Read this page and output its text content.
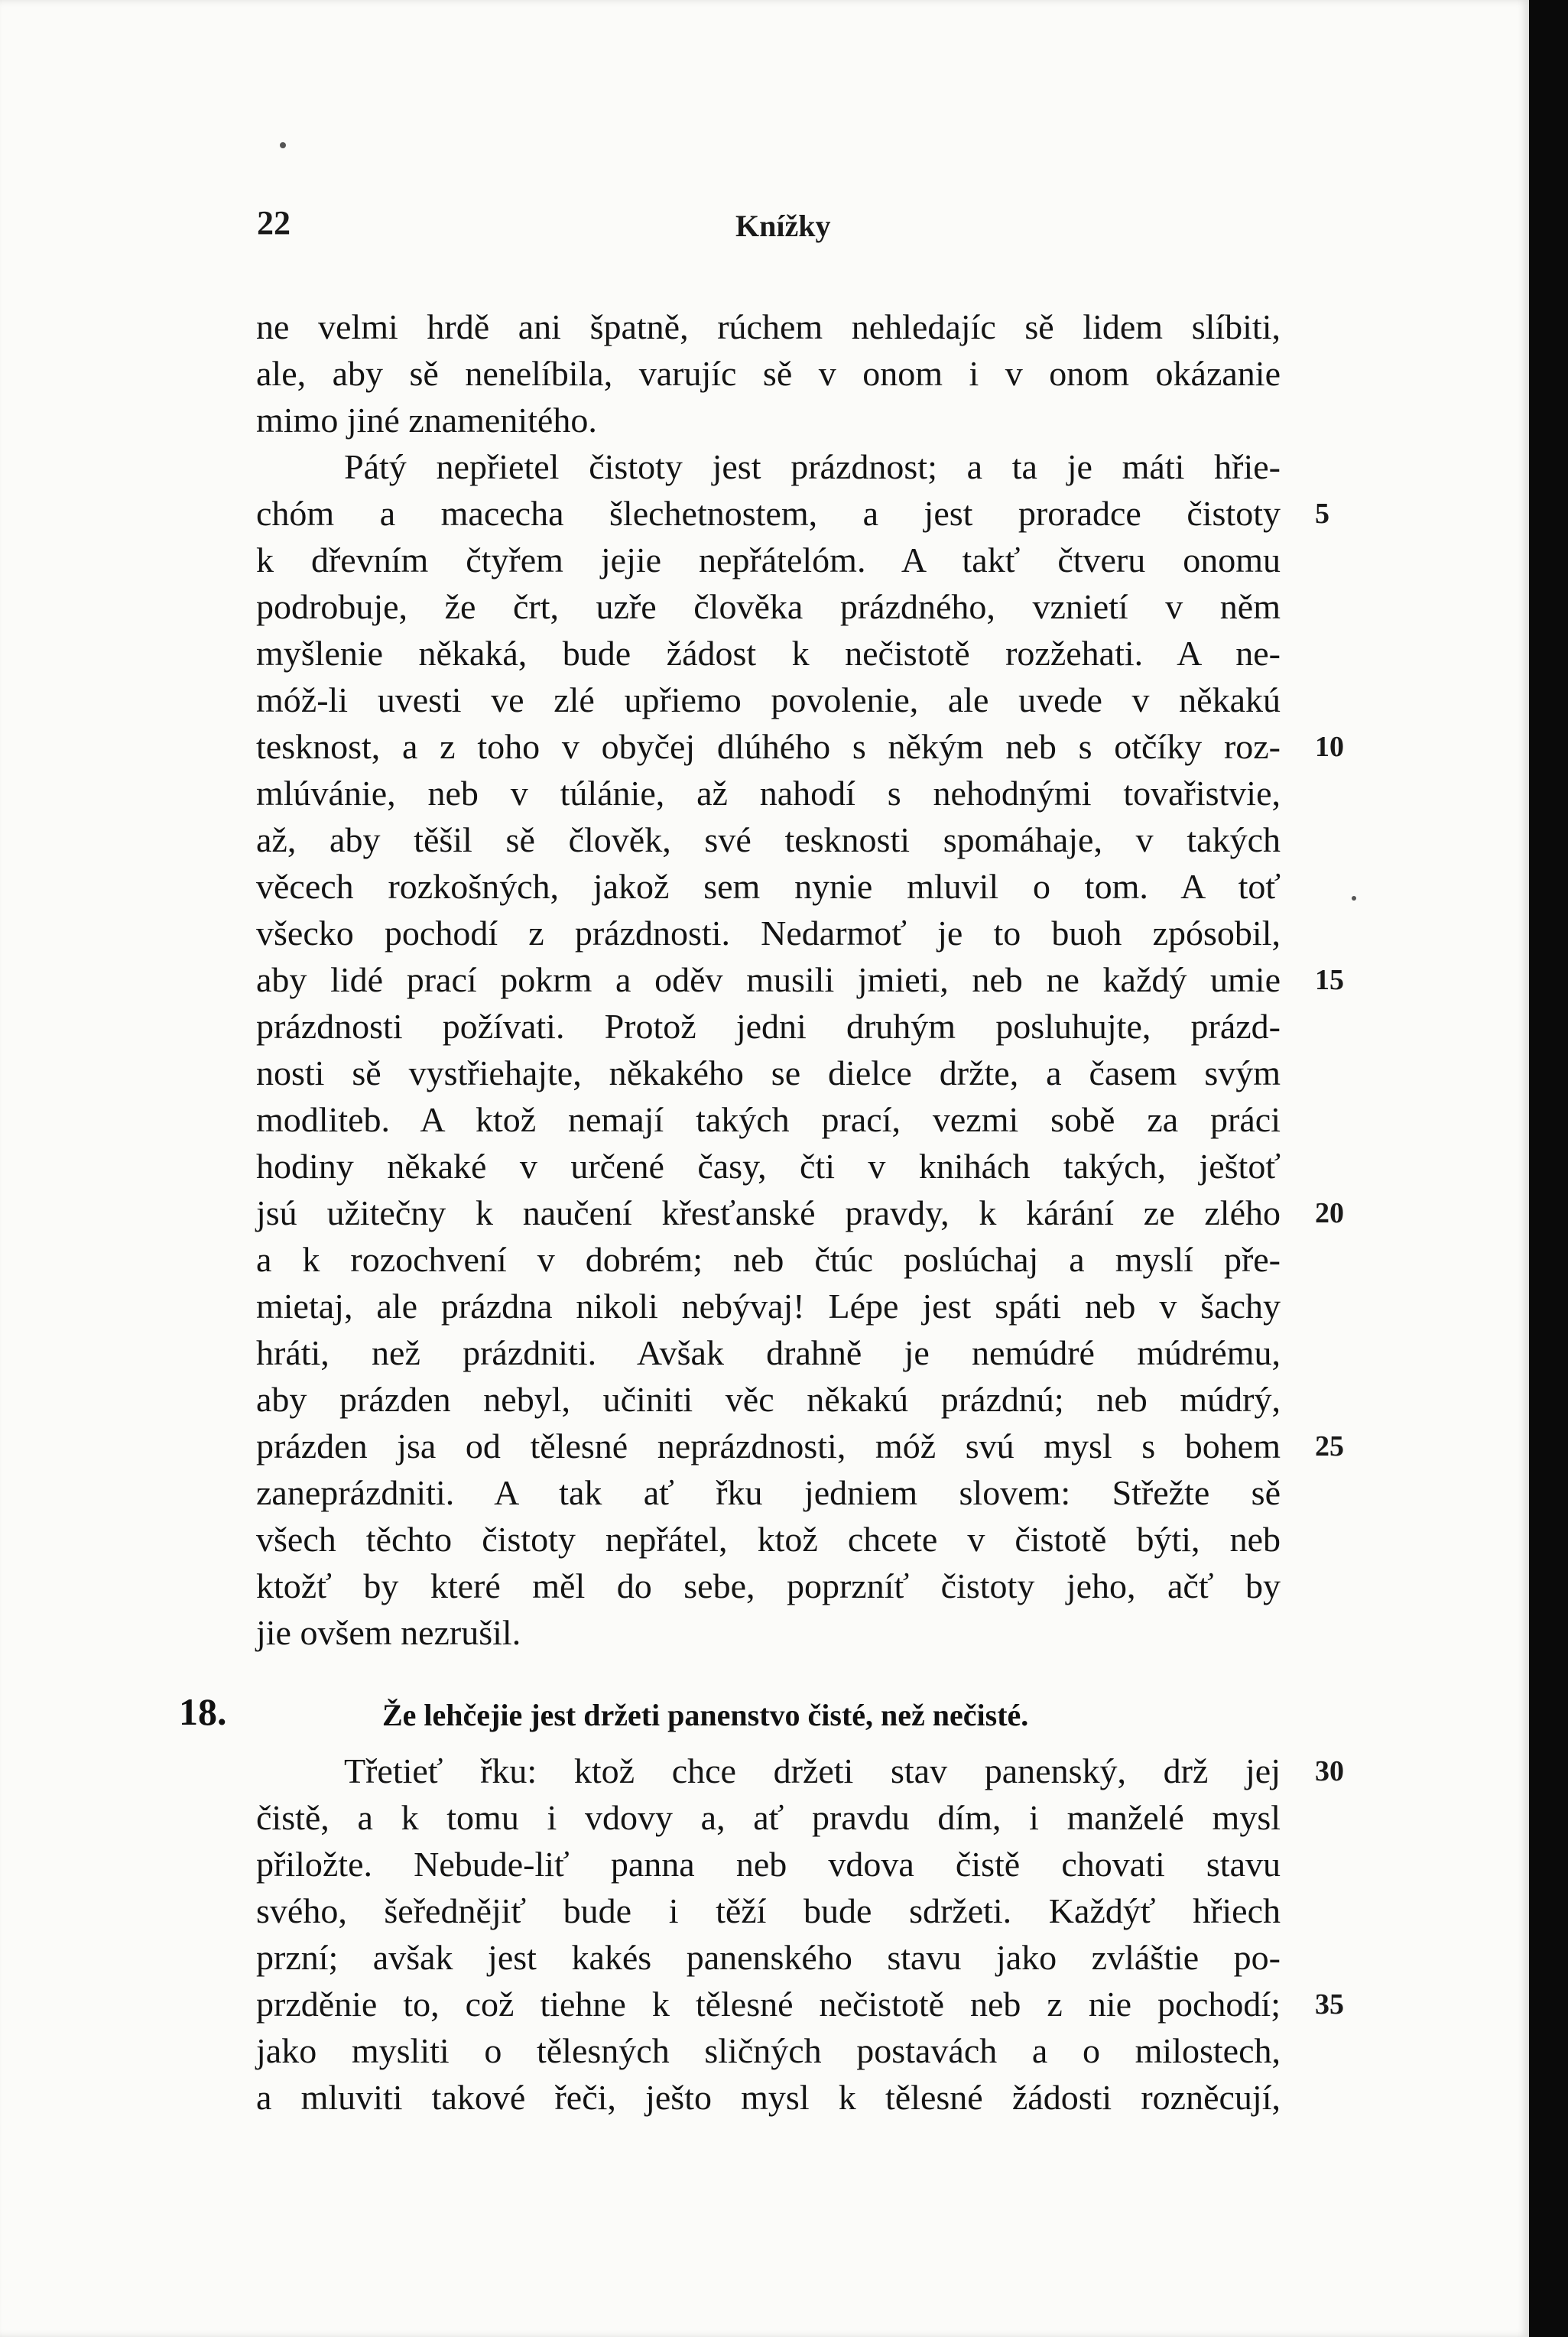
22	Knížky
ne velmi hrdě ani špatně, rúchem nehledajíc sě lidem slíbiti,
ale, aby sě nenelíbila, varujíc sě v onom i v onom okázanie
mimo jiné znamenitého.
Pátý nepřietel čistoty jest prázdnost; a ta je máti hřie-
chóm a macecha šlechetnostem, a jest proradce čistoty
k dřevním čtyřem jejie nepřátelóm. A takť čtveru onomu
podrobuje, že črt, uzře člověka prázdného, vznietí v něm
myšlenie někaká, bude žádost k nečistotě rozžehati. A ne-
móž-li uvesti ve zlé upřiemo povolenie, ale uvede v někakú
tesknost, a z toho v obyčej dlúhého s někým neb s otčíky roz-
mlúvánie, neb v túlánie, až nahodí s nehodnými tovařistvie,
až, aby těšil sě člověk, své tesknosti spomáhaje, v takých
věcech rozkošných, jakož sem nynie mluvil o tom. A toť
všecko pochodí z prázdnosti. Nedarmoť je to buoh zpósobil,
aby lidé prací pokrm a oděv musili jmieti, neb ne každý umie
prázdnosti požívati. Protož jedni druhým posluhujte, prázd-
nosti sě vystřiehajte, někakého se dielce držte, a časem svým
modliteb. A ktož nemají takých prací, vezmi sobě za práci
hodiny někaké v určené časy, čti v knihách takých, ještoť
jsú užitečny k naučení křesťanské pravdy, k kárání ze zlého
a k rozochvení v dobrém; neb čtúc poslúchaj a myslí pře-
mietaj, ale prázdna nikoli nebývaj! Lépe jest spáti neb v šachy
hráti, než prázdniti. Avšak drahně je nemúdré múdrému,
aby prázden nebyl, učiniti věc někakú prázdnú; neb múdrý,
prázden jsa od tělesné neprázdnosti, móž svú mysl s bohem
zaneprázdniti. A tak ať řku jedniem slovem: Střežte sě
všech těchto čistoty nepřátel, ktož chcete v čistotě býti, neb
ktožť by které měl do sebe, poprzníť čistoty jeho, ačť by
jie ovšem nezrušil.
5
10
15
20
25
18.	Že lehčejie jest držeti panenstvo čisté, než nečisté.
Třetieť řku: ktož chce držeti stav panenský, drž jej
čistě, a k tomu i vdovy a, ať pravdu dím, i manželé mysl
přiložte. Nebude-liť panna neb vdova čistě chovati stavu
svého, šeřednějiť bude i těží bude sdržeti. Každýť hřiech
przní; avšak jest kakés panenského stavu jako zvláštie po-
przděnie to, což tiehne k tělesné nečistotě neb z nie pochodí;
jako mysliti o tělesných sličných postavách a o milostech,
a mluviti takové řeči, ješto mysl k tělesné žádosti rozněcují,
30
35
